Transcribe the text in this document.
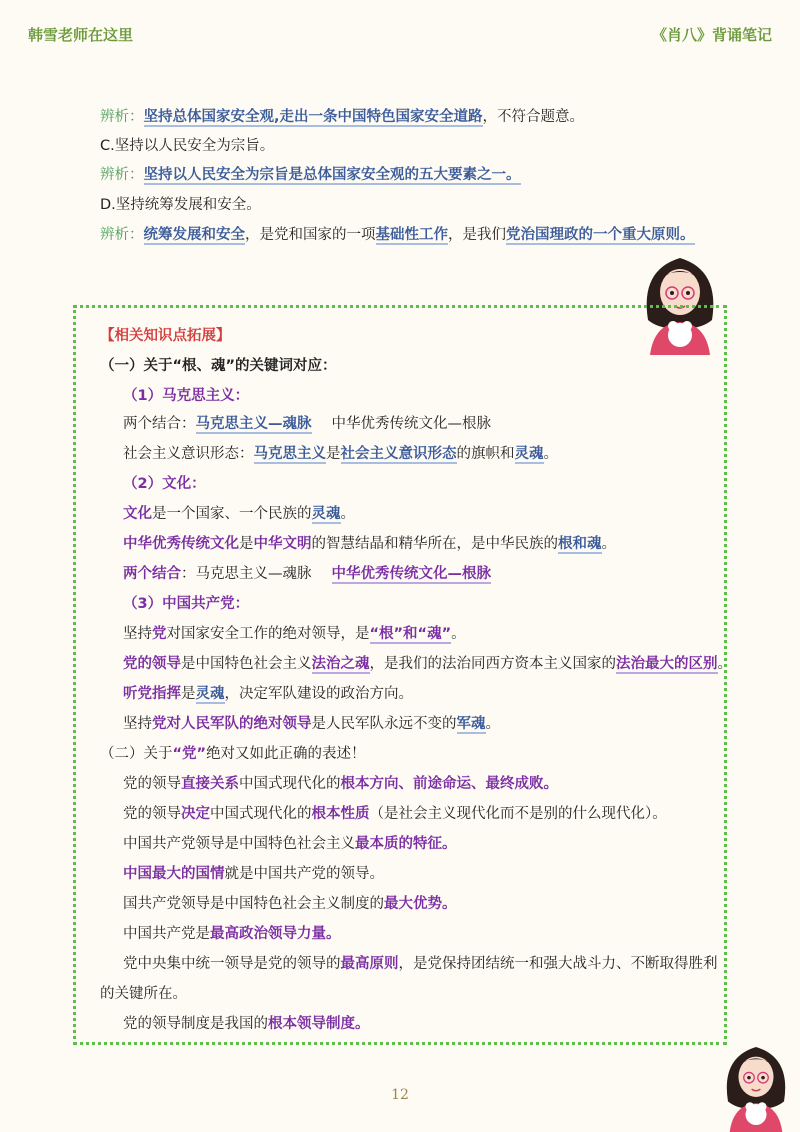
韩雪老师在这里	《肖八》背诵笔记
辨析：坚持总体国家安全观,走出一条中国特色国家安全道路，不符合题意。
C.坚持以人民安全为宗旨。
辨析：坚持以人民安全为宗旨是总体国家安全观的五大要素之一。
D.坚持统筹发展和安全。
辨析：统筹发展和安全，是党和国家的一项基础性工作，是我们党治国理政的一个重大原则。
【相关知识点拓展】
（一）关于“根、魂”的关键词对应：
（1）马克思主义：
两个结合：马克思主义—魂脉 中华优秀传统文化—根脉
社会主义意识形态：马克思主义是社会主义意识形态的旗帜和灵魂。
（2）文化：
文化是一个国家、一个民族的灵魂。
中华优秀传统文化是中华文明的智慧结晶和精华所在，是中华民族的根和魂。
两个结合：马克思主义—魂脉 中华优秀传统文化—根脉
（3）中国共产党：
坚持党对国家安全工作的绝对领导，是“根”和“魂”。
党的领导是中国特色社会主义法治之魂，是我们的法治同西方资本主义国家的法治最大的区别。
听党指挥是灵魂，决定军队建设的政治方向。
坚持党对人民军队的绝对领导是人民军队永远不变的军魂。
（二）关于“党”绝对又如此正确的表述！
党的领导直接关系中国式现代化的根本方向、前途命运、最终成败。
党的领导决定中国式现代化的根本性质（是社会主义现代化而不是别的什么现代化）。
中国共产党领导是中国特色社会主义最本质的特征。
中国最大的国情就是中国共产党的领导。
国共产党领导是中国特色社会主义制度的最大优势。
中国共产党是最高政治领导力量。
党中央集中统一领导是党的领导的最高原则，是党保持团结统一和强大战斗力、不断取得胜利
的关键所在。
党的领导制度是我国的根本领导制度。
12
